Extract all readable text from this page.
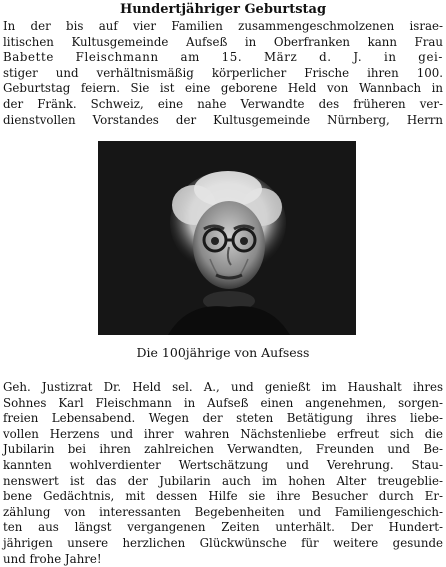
Hundertjähriger Geburtstag
In der bis auf vier Familien zusammengeschmolzenen israe-
litischen Kultusgemeinde Aufseß in Oberfranken kann Frau
Babette Fleischmann am 15. März d. J. in gei-
stiger und verhältnismäßig körperlicher Frische ihren 100.
Geburtstag feiern. Sie ist eine geborene Held von Wannbach in
der Fränk. Schweiz, eine nahe Verwandte des früheren ver-
dienstvollen Vorstandes der Kultusgemeinde Nürnberg, Herrn
Die 100jährige von Aufsess
Geh. Justizrat Dr. Held sel. A., und genießt im Haushalt ihres
Sohnes Karl Fleischmann in Aufseß einen angenehmen, sorgen-
freien Lebensabend. Wegen der steten Betätigung ihres liebe-
vollen Herzens und ihrer wahren Nächstenliebe erfreut sich die
Jubilarin bei ihren zahlreichen Verwandten, Freunden und Be-
kannten wohlverdienter Wertschätzung und Verehrung. Stau-
nenswert ist das der Jubilarin auch im hohen Alter treugeblie-
bene Gedächtnis, mit dessen Hilfe sie ihre Besucher durch Er-
zählung von interessanten Begebenheiten und Familiengeschich-
ten aus längst vergangenen Zeiten unterhält. Der Hundert-
jährigen unsere herzlichen Glückwünsche für weitere gesunde
und frohe Jahre!
